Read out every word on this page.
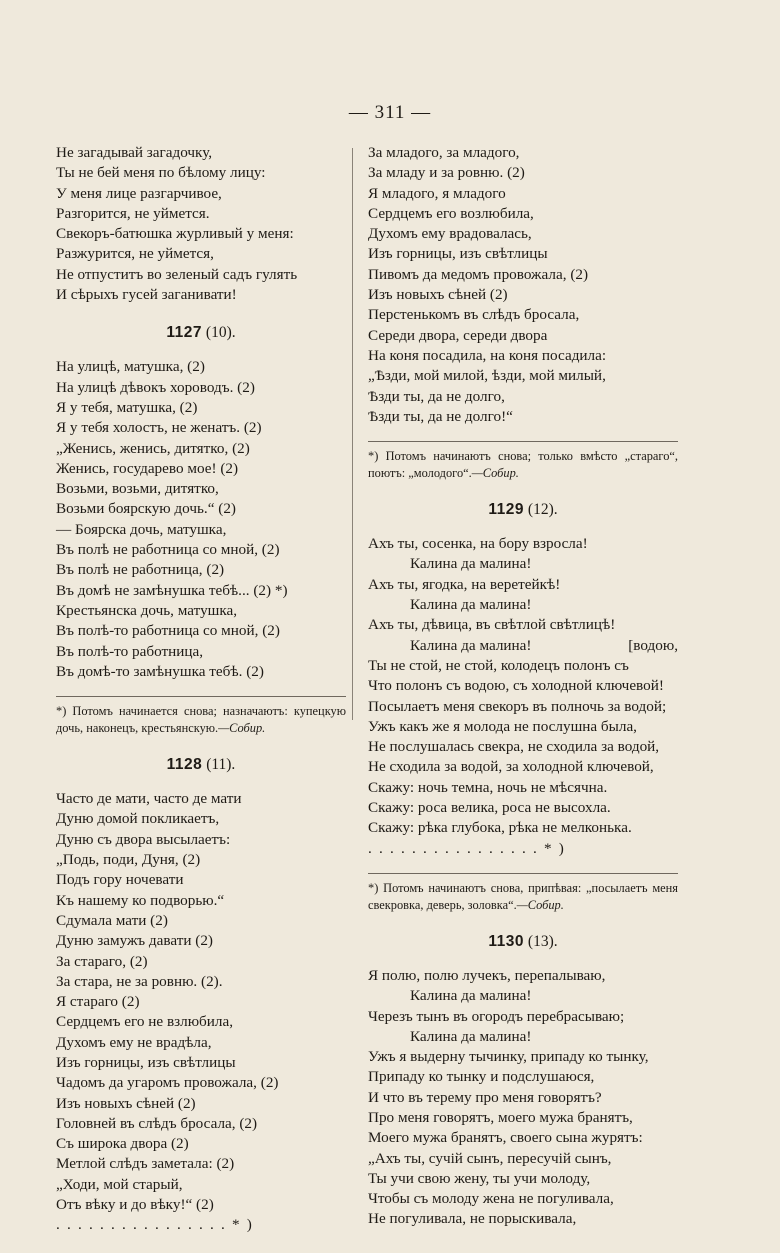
— 311 —
Не загадывай загадочку,
Ты не бей меня по бѣлому лицу:
У меня лице разгарчивое,
Разгорится, не уймется.
Свекоръ-батюшка журливый у меня:
Разжурится, не уймется,
Не отпуститъ во зеленый садъ гулять
И сѣрыхъ гусей заганивати!
1127 (10).
На улицѣ, матушка, (2)
На улицѣ дѣвокъ хороводъ. (2)
Я у тебя, матушка, (2)
Я у тебя холостъ, не женатъ. (2)
„Женись, женись, дитятко, (2)
Женись, государево мое! (2)
Возьми, возьми, дитятко,
Возьми боярскую дочь.“ (2)
— Боярска дочь, матушка,
Въ полѣ не работница со мной, (2)
Въ полѣ не работница, (2)
Въ домѣ не замѣнушка тебѣ... (2) *)
Крестьянска дочь, матушка,
Въ полѣ-то работница со мной, (2)
Въ полѣ-то работница,
Въ домѣ-то замѣнушка тебѣ. (2)
*) Потомъ начинается снова; назначаютъ: купецкую дочь, наконецъ, крестьянскую.—Собир.
1128 (11).
Часто де мати, часто де мати
Дуню домой покликаетъ,
Дуню съ двора высылаетъ:
„Подь, поди, Дуня, (2)
Подъ гору ночевати
Къ нашему ко подворью.“
Сдумала мати (2)
Дуню замужъ давати (2)
За стараго, (2)
За стара, не за ровню. (2).
Я стараго (2)
Сердцемъ его не взлюбила,
Духомъ ему не врадѣла,
Изъ горницы, изъ свѣтлицы
Чадомъ да угаромъ провожала, (2)
Изъ новыхъ сѣней (2)
Головней въ слѣдъ бросала, (2)
Съ широка двора (2)
Метлой слѣдъ заметала: (2)
„Ходи, мой старый,
Отъ вѣку и до вѣку!“ (2)
................*)
За младого, за младого,
За младу и за ровню. (2)
Я младого, я младого
Сердцемъ его возлюбила,
Духомъ ему врадовалась,
Изъ горницы, изъ свѣтлицы
Пивомъ да медомъ провожала, (2)
Изъ новыхъ сѣней (2)
Перстенькомъ въ слѣдъ бросала,
Середи двора, середи двора
На коня посадила, на коня посадила:
„Ѣзди, мой милой, ѣзди, мой милый,
Ѣзди ты, да не долго,
Ѣзди ты, да не долго!“
*) Потомъ начинаютъ снова; только вмѣсто „стараго“, поютъ: „молодого“.—Собир.
1129 (12).
Ахъ ты, сосенка, на бору взросла!
Калина да малина!
Ахъ ты, ягодка, на веретейкѣ!
Калина да малина!
Ахъ ты, дѣвица, въ свѣтлой свѣтлицѣ!
Калина да малина!	[водою,
Ты не стой, не стой, колодецъ полонъ съ
Что полонъ съ водою, съ холодной ключевой!
Посылаетъ меня свекоръ въ полночь за водой;
Ужъ какъ же я молода не послушна была,
Не послушалась свекра, не сходила за водой,
Не сходила за водой, за холодной ключевой,
Скажу: ночь темна, ночь не мѣсячна.
Скажу: роса велика, роса не высохла.
Скажу: рѣка глубока, рѣка не мелконька.
................*)
*) Потомъ начинаютъ снова, припѣвая: „посылаетъ меня свекровка, деверь, золовка“.—Собир.
1130 (13).
Я полю, полю лучекъ, перепалываю,
Калина да малина!
Черезъ тынъ въ огородъ перебрасываю;
Калина да малина!
Ужъ я выдерну тычинку, припаду ко тынку,
Припаду ко тынку и подслушаюся,
И что въ терему про меня говорятъ?
Про меня говорятъ, моего мужа бранятъ,
Моего мужа бранятъ, своего сына журятъ:
„Ахъ ты, сучій сынъ, пересучій сынъ,
Ты учи свою жену, ты учи молоду,
Чтобы съ молоду жена не погуливала,
Не погуливала, не порыскивала,
